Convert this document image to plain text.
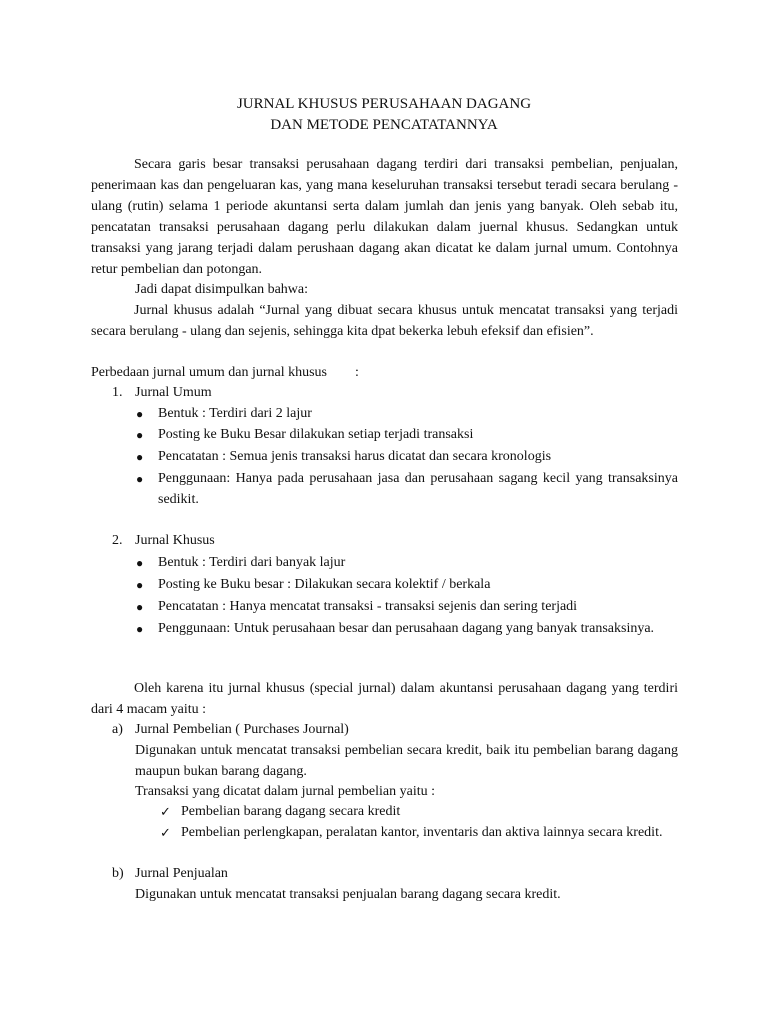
JURNAL KHUSUS PERUSAHAAN DAGANG
DAN METODE PENCATATANNYA
Secara garis besar transaksi perusahaan dagang terdiri dari transaksi pembelian, penjualan, penerimaan kas dan pengeluaran kas, yang mana keseluruhan transaksi tersebut teradi secara berulang - ulang (rutin) selama 1 periode akuntansi serta dalam jumlah dan jenis yang banyak. Oleh sebab itu, pencatatan transaksi perusahaan dagang perlu dilakukan dalam juernal khusus. Sedangkan untuk transaksi yang jarang terjadi dalam perushaan dagang akan dicatat ke dalam jurnal umum. Contohnya retur pembelian dan potongan.
Jadi dapat disimpulkan bahwa:
Jurnal khusus adalah “Jurnal yang dibuat secara khusus untuk mencatat transaksi yang terjadi secara berulang - ulang dan sejenis, sehingga kita dpat bekerka lebuh efeksif dan efisien”.
Perbedaan jurnal umum dan jurnal khusus :
1. Jurnal Umum
● Bentuk : Terdiri dari 2 lajur
● Posting ke Buku Besar dilakukan setiap terjadi transaksi
● Pencatatan : Semua jenis transaksi harus dicatat dan secara kronologis
● Penggunaan: Hanya pada perusahaan jasa dan perusahaan sagang kecil yang transaksinya sedikit.
2. Jurnal Khusus
● Bentuk : Terdiri dari banyak lajur
● Posting ke Buku besar : Dilakukan secara kolektif / berkala
● Pencatatan : Hanya mencatat transaksi - transaksi sejenis dan sering terjadi
● Penggunaan: Untuk perusahaan besar dan perusahaan dagang yang banyak transaksinya.
Oleh karena itu jurnal khusus (special jurnal) dalam akuntansi perusahaan dagang yang terdiri dari 4 macam yaitu :
a) Jurnal Pembelian ( Purchases Journal)
Digunakan untuk mencatat transaksi pembelian secara kredit, baik itu pembelian barang dagang maupun bukan barang dagang.
Transaksi yang dicatat dalam jurnal pembelian yaitu :
✓ Pembelian barang dagang secara kredit
✓ Pembelian perlengkapan, peralatan kantor, inventaris dan aktiva lainnya secara kredit.
b) Jurnal Penjualan
Digunakan untuk mencatat transaksi penjualan barang dagang secara kredit.
